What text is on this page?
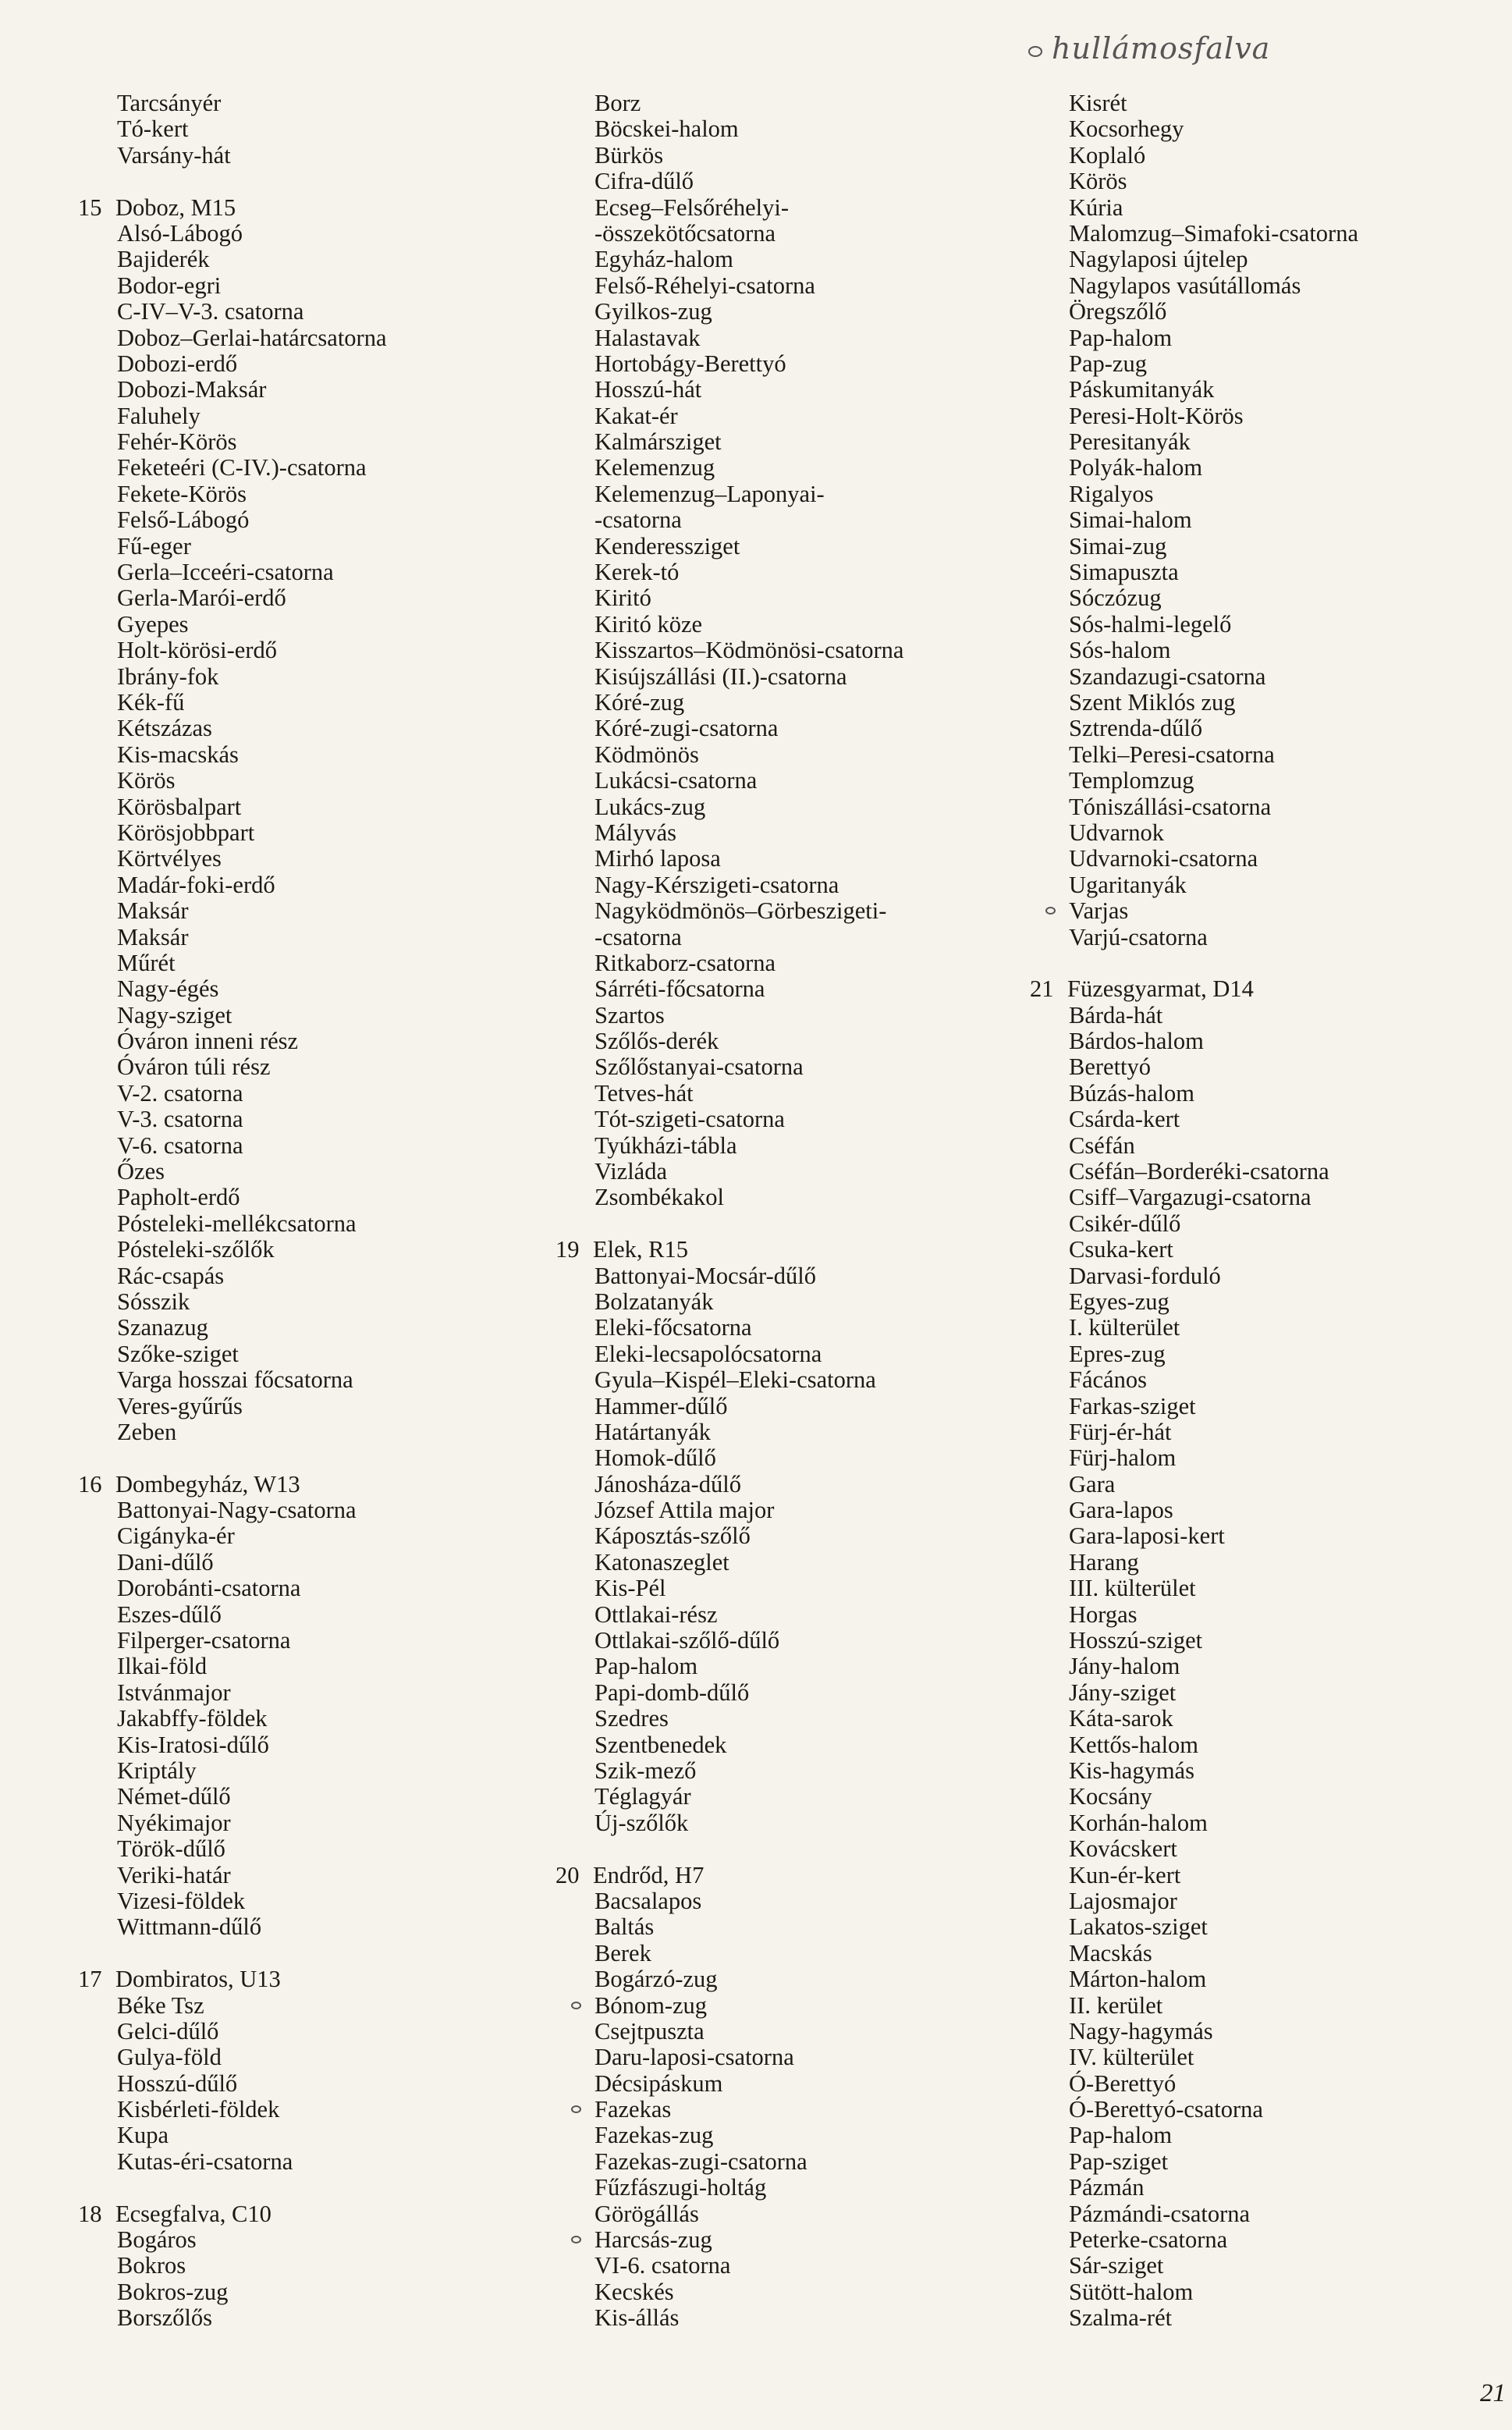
hullámosfalva
Tarcsányér
Tó-kert
Varsány-hát
15 Doboz, M15
Alsó-Lábogó
Bajiderék
Bodor-egri
C-IV–V-3. csatorna
Doboz–Gerlai-határcsatorna
Dobozi-erdő
Dobozi-Maksár
Faluhely
Fehér-Körös
Feketeéri (C-IV.)-csatorna
Fekete-Körös
Felső-Lábogó
Fű-eger
Gerla–Icceéri-csatorna
Gerla-Marói-erdő
Gyepes
Holt-körösi-erdő
Ibrány-fok
Kék-fű
Kétszázas
Kis-macskás
Körös
Körösbalpart
Körösjobbpart
Körtvélyes
Madár-foki-erdő
Maksár
Maksár
Műrét
Nagy-égés
Nagy-sziget
Óváron inneni rész
Óváron túli rész
V-2. csatorna
V-3. csatorna
V-6. csatorna
Őzes
Papholt-erdő
Pósteleki-mellékcsatorna
Pósteleki-szőlők
Rác-csapás
Sósszik
Szanazug
Szőke-sziget
Varga hosszai főcsatorna
Veres-gyűrűs
Zeben
16 Dombegyház, W13
Battonyai-Nagy-csatorna
Cigányka-ér
Dani-dűlő
Dorobánti-csatorna
Eszes-dűlő
Filperger-csatorna
Ilkai-föld
Istvánmajor
Jakabffy-földek
Kis-Iratosi-dűlő
Kriptály
Német-dűlő
Nyékimajor
Török-dűlő
Veriki-határ
Vizesi-földek
Wittmann-dűlő
17 Dombiratos, U13
Béke Tsz
Gelci-dűlő
Gulya-föld
Hosszú-dűlő
Kisbérleti-földek
Kupa
Kutas-éri-csatorna
18 Ecsegfalva, C10
Bogáros
Bokros
Bokros-zug
Borszőlős
Borz
Böcskei-halom
Bürkös
Cifra-dűlő
Ecseg–Felsőréhelyi-
-összekötőcsatorna
Egyház-halom
Felső-Réhelyi-csatorna
Gyilkos-zug
Halastavak
Hortobágy-Berettyó
Hosszú-hát
Kakat-ér
Kalmársziget
Kelemenzug
Kelemenzug–Laponyai-
-csatorna
Kenderessziget
Kerek-tó
Kiritó
Kiritó köze
Kisszartos–Ködmönösi-csatorna
Kisújszállási (II.)-csatorna
Kóré-zug
Kóré-zugi-csatorna
Ködmönös
Lukácsi-csatorna
Lukács-zug
Mályvás
Mirhó laposa
Nagy-Kérszigeti-csatorna
Nagyködmönös–Görbeszigeti-
-csatorna
Ritkaborz-csatorna
Sárréti-főcsatorna
Szartos
Szőlős-derék
Szőlőstanyai-csatorna
Tetves-hát
Tót-szigeti-csatorna
Tyúkházi-tábla
Vizláda
Zsombékakol
19 Elek, R15
Battonyai-Mocsár-dűlő
Bolzatanyák
Eleki-főcsatorna
Eleki-lecsapolócsatorna
Gyula–Kispél–Eleki-csatorna
Hammer-dűlő
Határtanyák
Homok-dűlő
Jánosháza-dűlő
József Attila major
Káposztás-szőlő
Katonaszeglet
Kis-Pél
Ottlakai-rész
Ottlakai-szőlő-dűlő
Pap-halom
Papi-domb-dűlő
Szedres
Szentbenedek
Szik-mező
Téglagyár
Új-szőlők
20 Endrőd, H7
Bacsalapos
Baltás
Berek
Bogárzó-zug
Bónom-zug
Csejtpuszta
Daru-laposi-csatorna
Décsipáskum
Fazekas
Fazekas-zug
Fazekas-zugi-csatorna
Fűzfászugi-holtág
Görögállás
Harcsás-zug
VI-6. csatorna
Kecskés
Kis-állás
Kisrét
Kocsorhegy
Koplaló
Körös
Kúria
Malomzug–Simafoki-csatorna
Nagylaposi újtelep
Nagylapos vasútállomás
Öregszőlő
Pap-halom
Pap-zug
Páskumitanyák
Peresi-Holt-Körös
Peresitanyák
Polyák-halom
Rigalyos
Simai-halom
Simai-zug
Simapuszta
Sóczózug
Sós-halmi-legelő
Sós-halom
Szandazugi-csatorna
Szent Miklós zug
Sztrenda-dűlő
Telki–Peresi-csatorna
Templomzug
Tóniszállási-csatorna
Udvarnok
Udvarnoki-csatorna
Ugaritanyák
Varjas
Varjú-csatorna
21 Füzesgyarmat, D14
Bárda-hát
Bárdos-halom
Berettyó
Búzás-halom
Csárda-kert
Cséfán
Cséfán–Borderéki-csatorna
Csiff–Vargazugi-csatorna
Csikér-dűlő
Csuka-kert
Darvasi-forduló
Egyes-zug
I. külterület
Epres-zug
Fácános
Farkas-sziget
Fürj-ér-hát
Fürj-halom
Gara
Gara-lapos
Gara-laposi-kert
Harang
III. külterület
Horgas
Hosszú-sziget
Jány-halom
Jány-sziget
Káta-sarok
Kettős-halom
Kis-hagymás
Kocsány
Korhán-halom
Kovácskert
Kun-ér-kert
Lajosmajor
Lakatos-sziget
Macskás
Márton-halom
II. kerület
Nagy-hagymás
IV. külterület
Ó-Berettyó
Ó-Berettyó-csatorna
Pap-halom
Pap-sziget
Pázmán
Pázmándi-csatorna
Peterke-csatorna
Sár-sziget
Sütött-halom
Szalma-rét
21
